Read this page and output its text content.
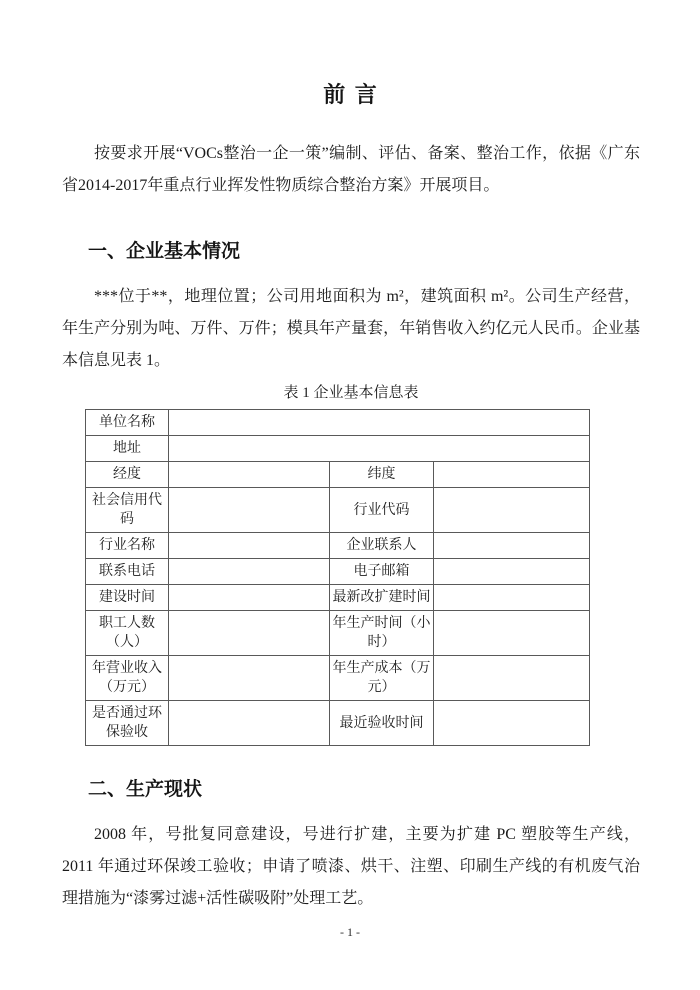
前 言

按要求开展“VOCs整治一企一策”编制、评估、备案、整治工作，依据《广东省2014-2017年重点行业挥发性物质综合整治方案》开展项目。

一、企业基本情况

***位于**，地理位置；公司用地面积为 m²，建筑面积 m²。公司生产经营，年生产分别为吨、万件、万件；模具年产量套，年销售收入约亿元人民币。企业基本信息见表 1。

表 1 企业基本信息表

单位名称			
地址			
经度		纬度	
社会信用代码		行业代码	
行业名称		企业联系人	
联系电话		电子邮箱	
建设时间		最新改扩建时间	
职工人数（人）		年生产时间（小时）	
年营业收入（万元）		年生产成本（万元）	
是否通过环保验收		最近验收时间	
二、生产现状

2008 年，号批复同意建设，号进行扩建，主要为扩建 PC 塑胶等生产线， 2011 年通过环保竣工验收；申请了喷漆、烘干、注塑、印刷生产线的有机废气治理措施为“漆雾过滤+活性碳吸附”处理工艺。

- 1 -
